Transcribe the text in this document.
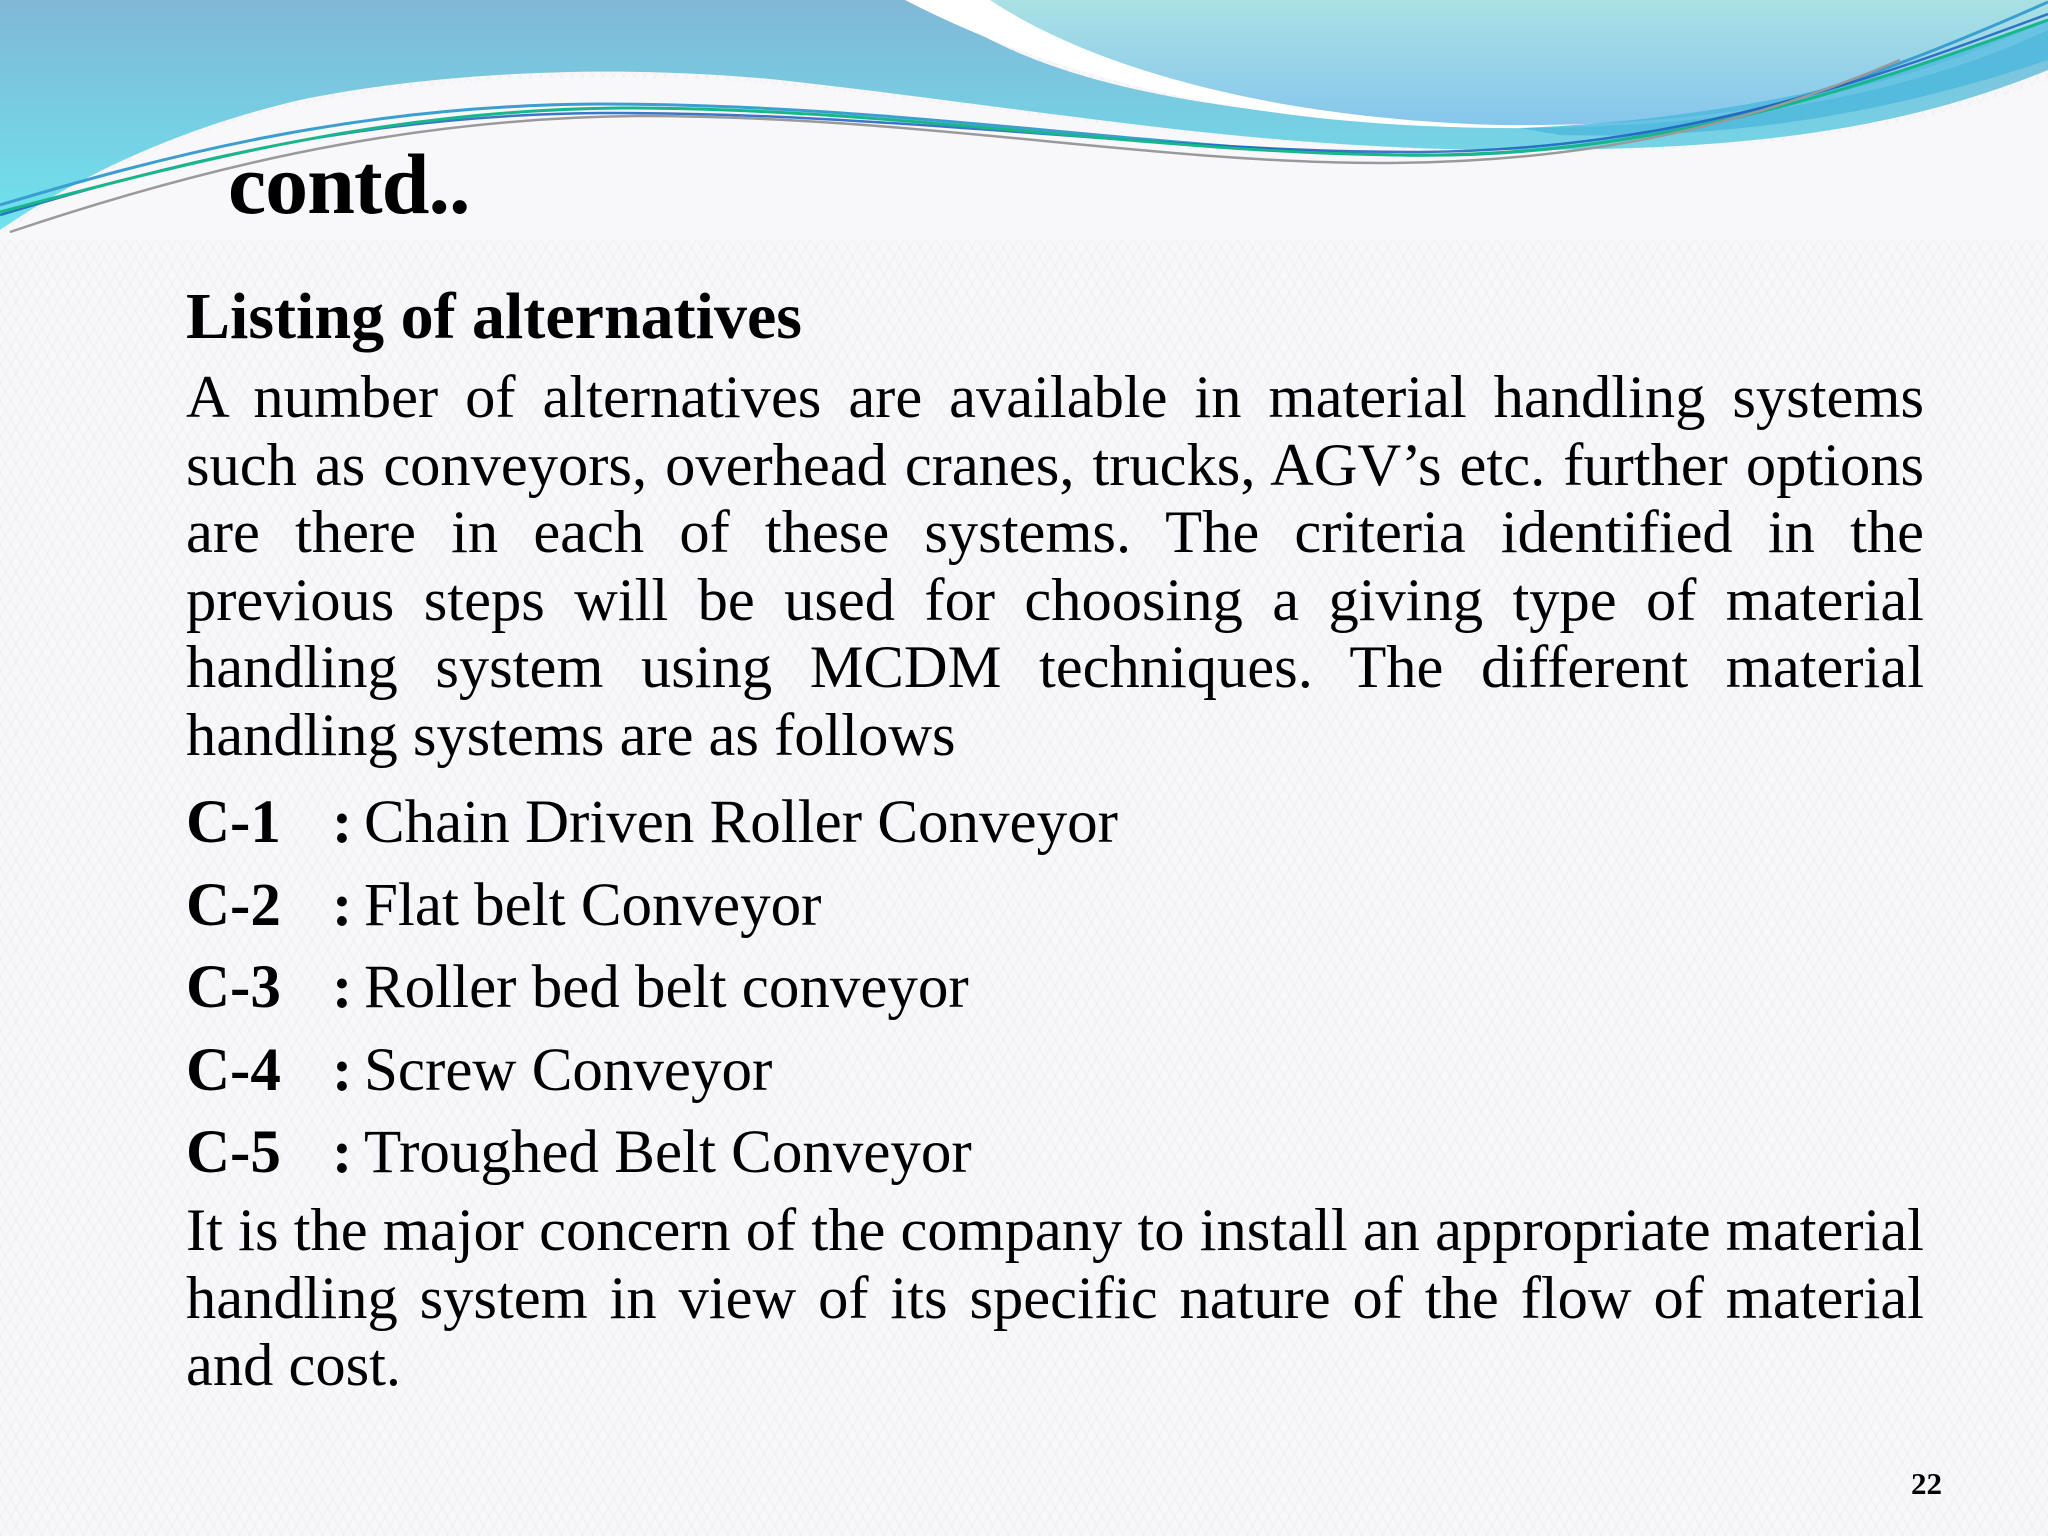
contd..
Listing of alternatives

A number of alternatives are available in material handling systems such as conveyors, overhead cranes, trucks, AGV’s etc. further options are there in each of these systems. The criteria identified in the previous steps will be used for choosing a giving type of material handling system using MCDM techniques. The different material handling systems are as follows

C-1 : Chain Driven Roller Conveyor
C-2 : Flat belt Conveyor
C-3 : Roller bed belt conveyor
C-4 : Screw Conveyor
C-5 : Troughed Belt Conveyor

It is the major concern of the company to install an appropriate material handling system in view of its specific nature of the flow of material and cost.

22
